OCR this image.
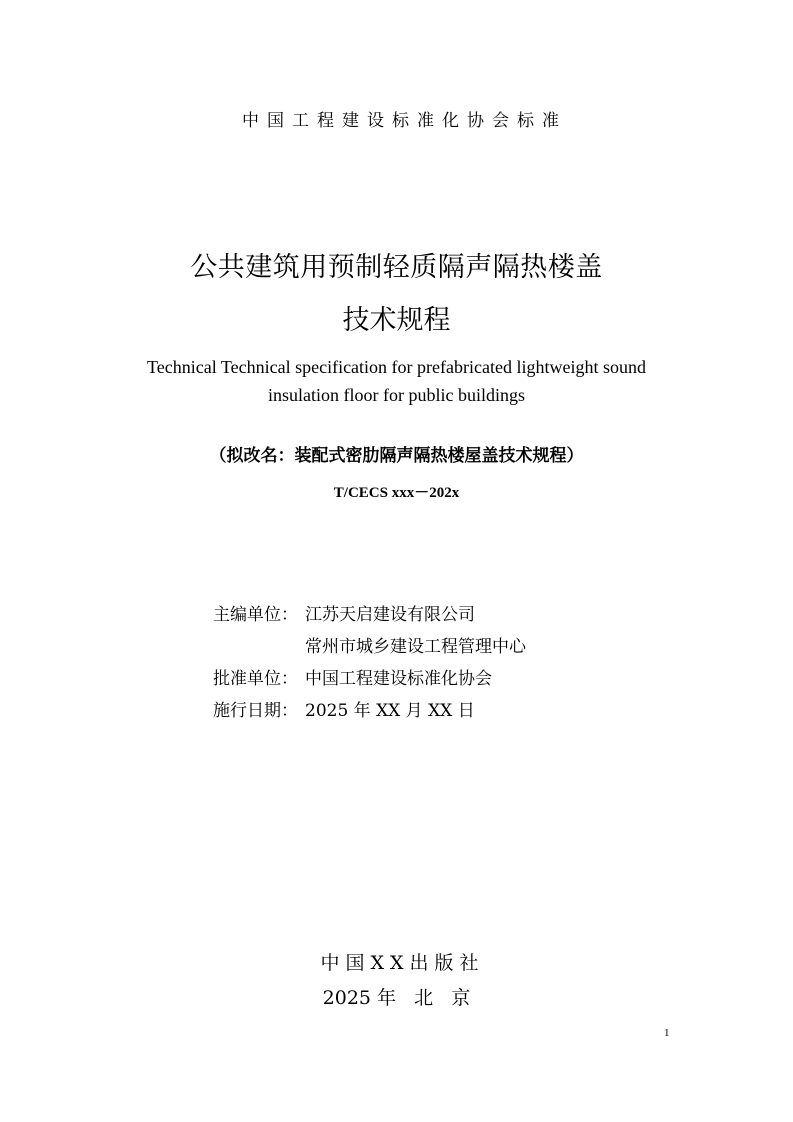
中国工程建设标准化协会标准
公共建筑用预制轻质隔声隔热楼盖
技术规程
Technical Technical specification for prefabricated lightweight sound
insulation floor for public buildings
（拟改名：装配式密肋隔声隔热楼屋盖技术规程）
T/CECS xxx－202x
主编单位： 江苏天启建设有限公司
常州市城乡建设工程管理中心
批准单位： 中国工程建设标准化协会
施行日期： 2025 年 XX 月 XX 日
中国XX出版社
2025 年   北   京
1
